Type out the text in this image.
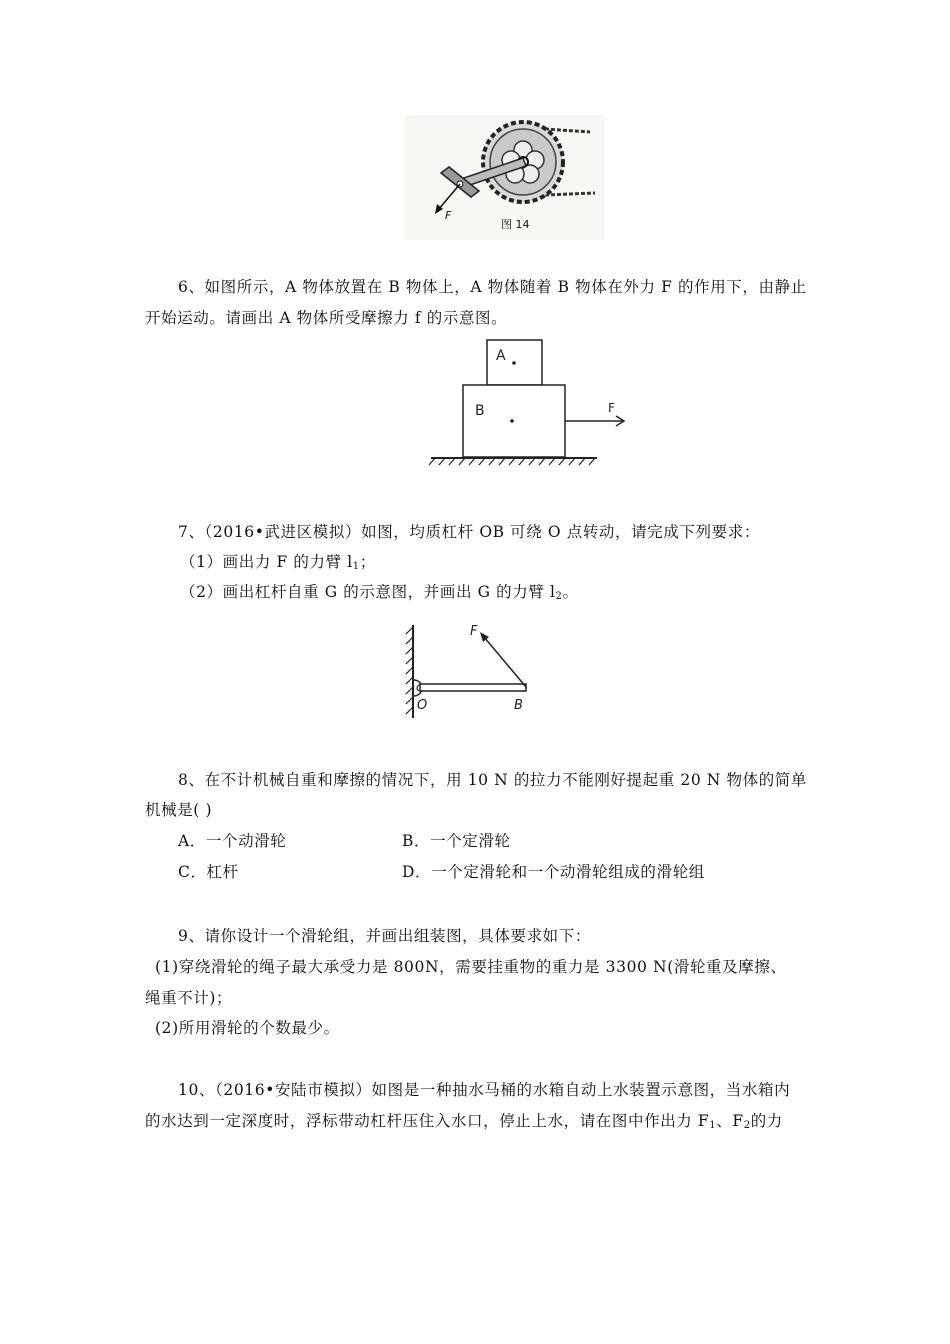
F
图 14
6、如图所示，A 物体放置在 B 物体上，A 物体随着 B 物体在外力 F 的作用下，由静止
开始运动。请画出 A 物体所受摩擦力 f 的示意图。
A
B	F
7、（2016•武进区模拟）如图，均质杠杆 OB 可绕 O 点转动，请完成下列要求：
（1）画出力 F 的力臂 $l_1$；
（2）画出杠杆自重 G 的示意图，并画出 G 的力臂 $l_2$。
F
O	B
8、在不计机械自重和摩擦的情况下，用 10 N 的拉力不能刚好提起重 20 N 物体的简单
机械是( )
A．一个动滑轮	B．一个定滑轮
C．杠杆	D．一个定滑轮和一个动滑轮组成的滑轮组
9、请你设计一个滑轮组，并画出组装图，具体要求如下：
(1)穿绕滑轮的绳子最大承受力是 800N，需要挂重物的重力是 3300 N(滑轮重及摩擦、
绳重不计)；
(2)所用滑轮的个数最少。
10、（2016•安陆市模拟）如图是一种抽水马桶的水箱自动上水装置示意图，当水箱内
的水达到一定深度时，浮标带动杠杆压住入水口，停止上水，请在图中作出力 $F_1$、$F_2$的力
